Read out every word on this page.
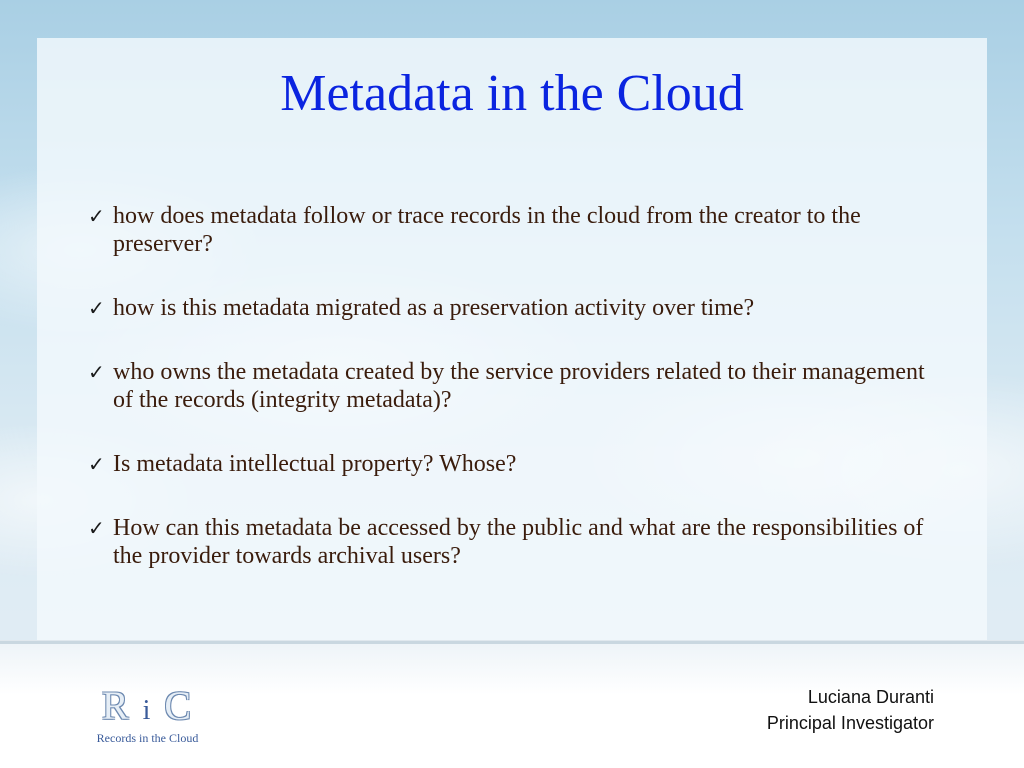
Metadata in the Cloud
✓ how does metadata follow or trace records in the cloud from the creator to the preserver?
✓ how is this metadata migrated as a preservation activity over time?
✓ who owns the metadata created by the service providers related to their management of the records (integrity metadata)?
✓ Is metadata intellectual property? Whose?
✓ How can this metadata be accessed by the public and what are the responsibilities of the provider towards archival users?
R i C
Records in the Cloud
Luciana Duranti
Principal Investigator
